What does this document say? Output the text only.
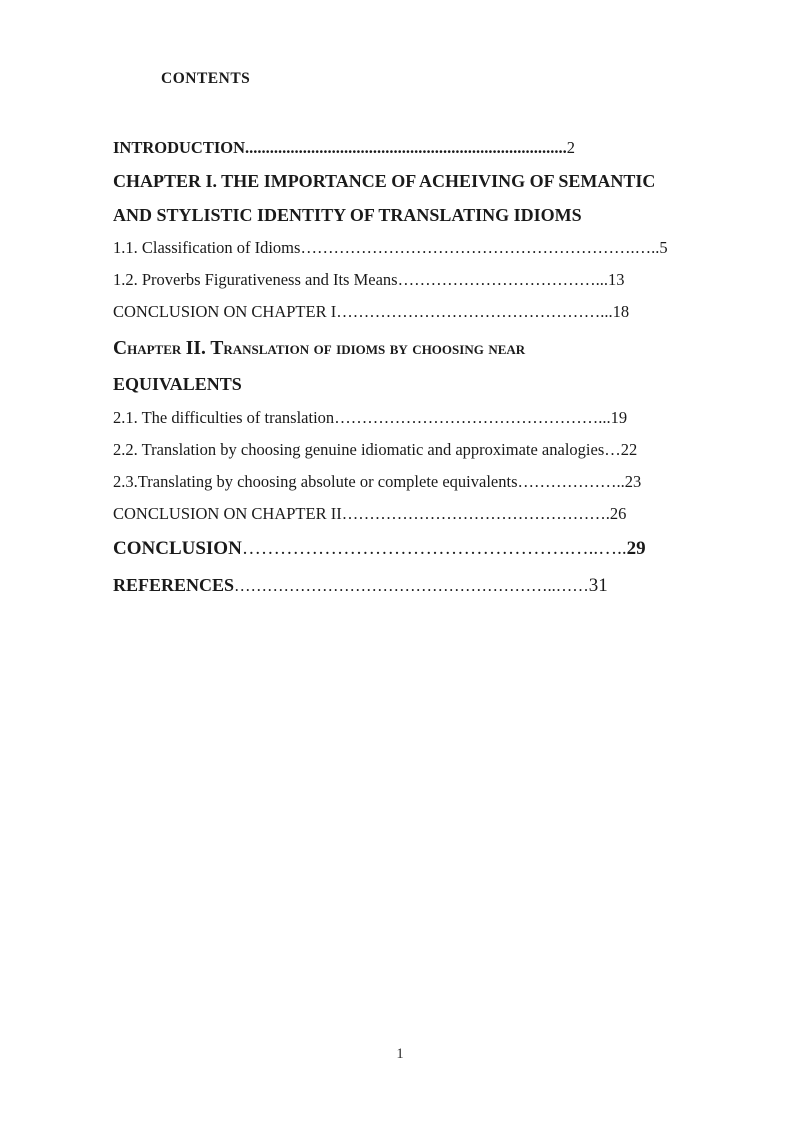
CONTENTS
INTRODUCTION..............................................................................2
CHAPTER I. THE IMPORTANCE OF ACHEIVING OF SEMANTIC
AND STYLISTIC IDENTITY OF TRANSLATING IDIOMS
1.1. Classification of Idioms…………………………………………………….…..5
1.2. Proverbs Figurativeness and Its Means………………………………...13
CONCLUSION ON CHAPTER I…………………………………………...18
Chapter II. Translation of idioms by choosing near
EQUIVALENTS
2.1. The difficulties of translation…………………………………………...19
2.2. Translation by choosing genuine idiomatic and approximate analogies…22
2.3.Translating by choosing absolute or complete equivalents………………..23
CONCLUSION ON CHAPTER II………………………………………….26
CONCLUSION…………………………………………….…..…..29
REFERENCES…………………………………………………..……31
1
